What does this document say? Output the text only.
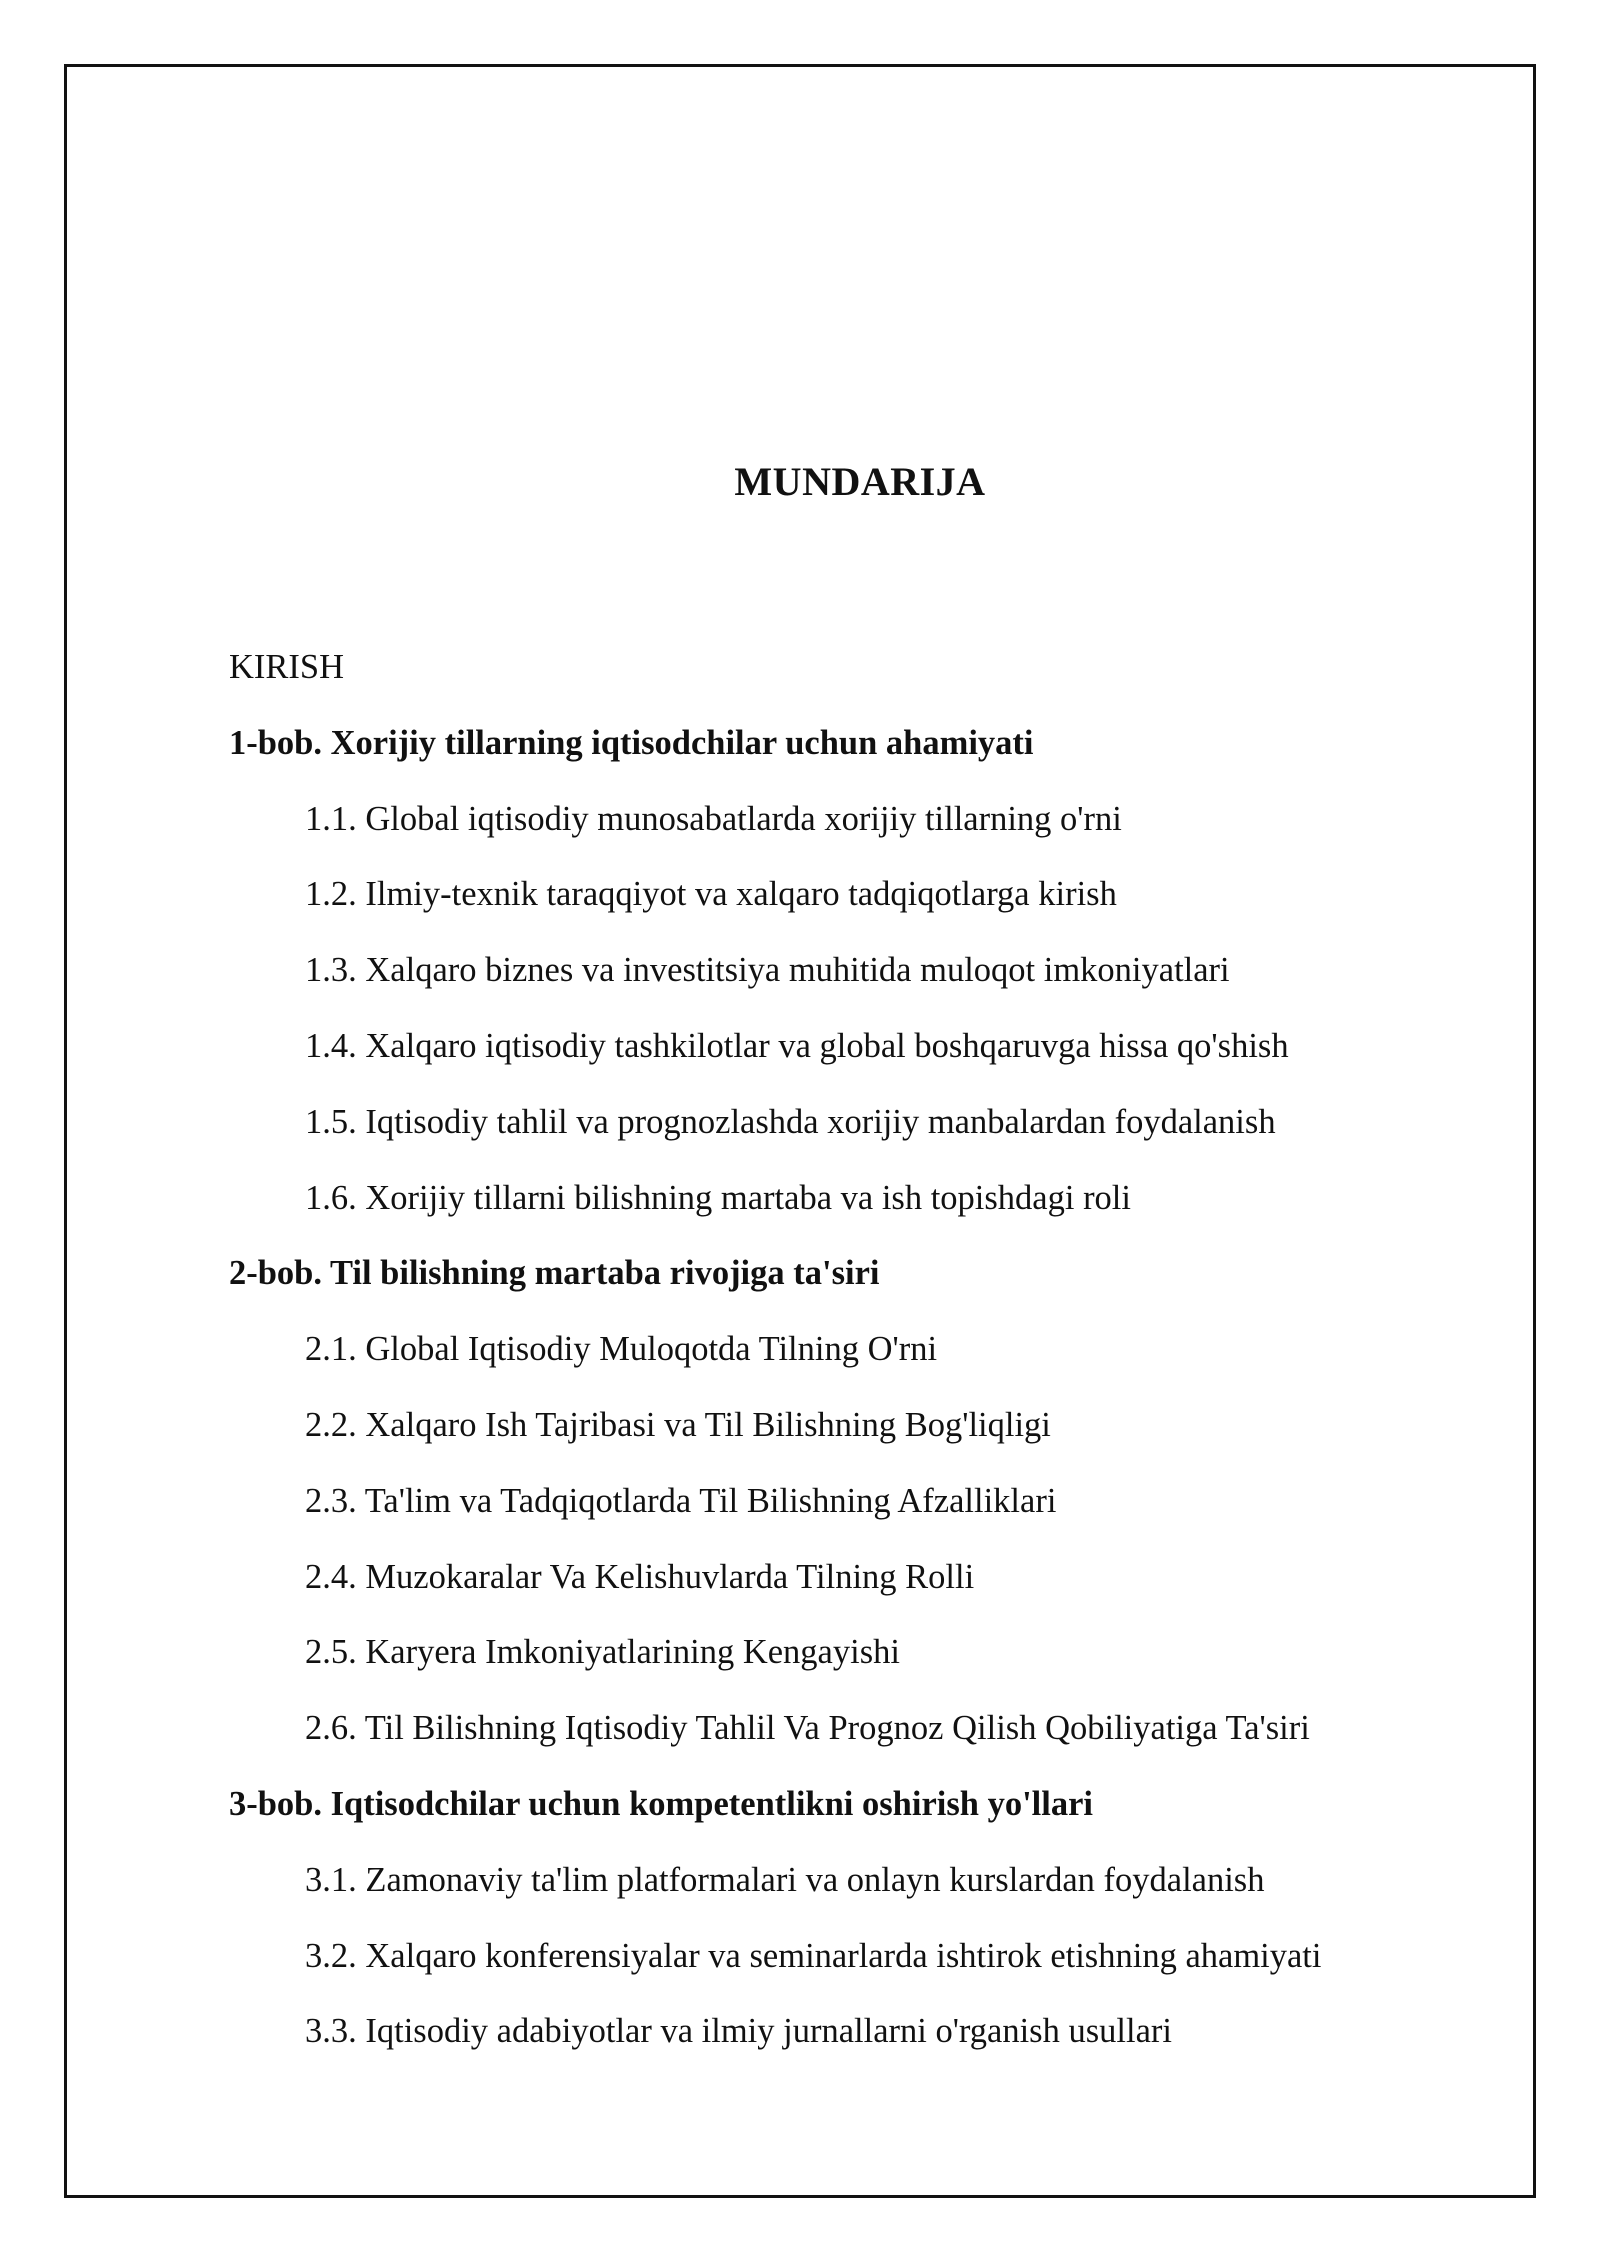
MUNDARIJA
KIRISH
1-bob. Xorijiy tillarning iqtisodchilar uchun ahamiyati
1.1. Global iqtisodiy munosabatlarda xorijiy tillarning o'rni
1.2. Ilmiy-texnik taraqqiyot va xalqaro tadqiqotlarga kirish
1.3. Xalqaro biznes va investitsiya muhitida muloqot imkoniyatlari
1.4. Xalqaro iqtisodiy tashkilotlar va global boshqaruvga hissa qo'shish
1.5. Iqtisodiy tahlil va prognozlashda xorijiy manbalardan foydalanish
1.6. Xorijiy tillarni bilishning martaba va ish topishdagi roli
2-bob. Til bilishning martaba rivojiga ta'siri
2.1. Global Iqtisodiy Muloqotda Tilning O'rni
2.2. Xalqaro Ish Tajribasi va Til Bilishning Bog'liqligi
2.3. Ta'lim va Tadqiqotlarda Til Bilishning Afzalliklari
2.4. Muzokaralar Va Kelishuvlarda Tilning Rolli
2.5. Karyera Imkoniyatlarining Kengayishi
2.6. Til Bilishning Iqtisodiy Tahlil Va Prognoz Qilish Qobiliyatiga Ta'siri
3-bob. Iqtisodchilar uchun kompetentlikni oshirish yo'llari
3.1. Zamonaviy ta'lim platformalari va onlayn kurslardan foydalanish
3.2. Xalqaro konferensiyalar va seminarlarda ishtirok etishning ahamiyati
3.3. Iqtisodiy adabiyotlar va ilmiy jurnallarni o'rganish usullari
